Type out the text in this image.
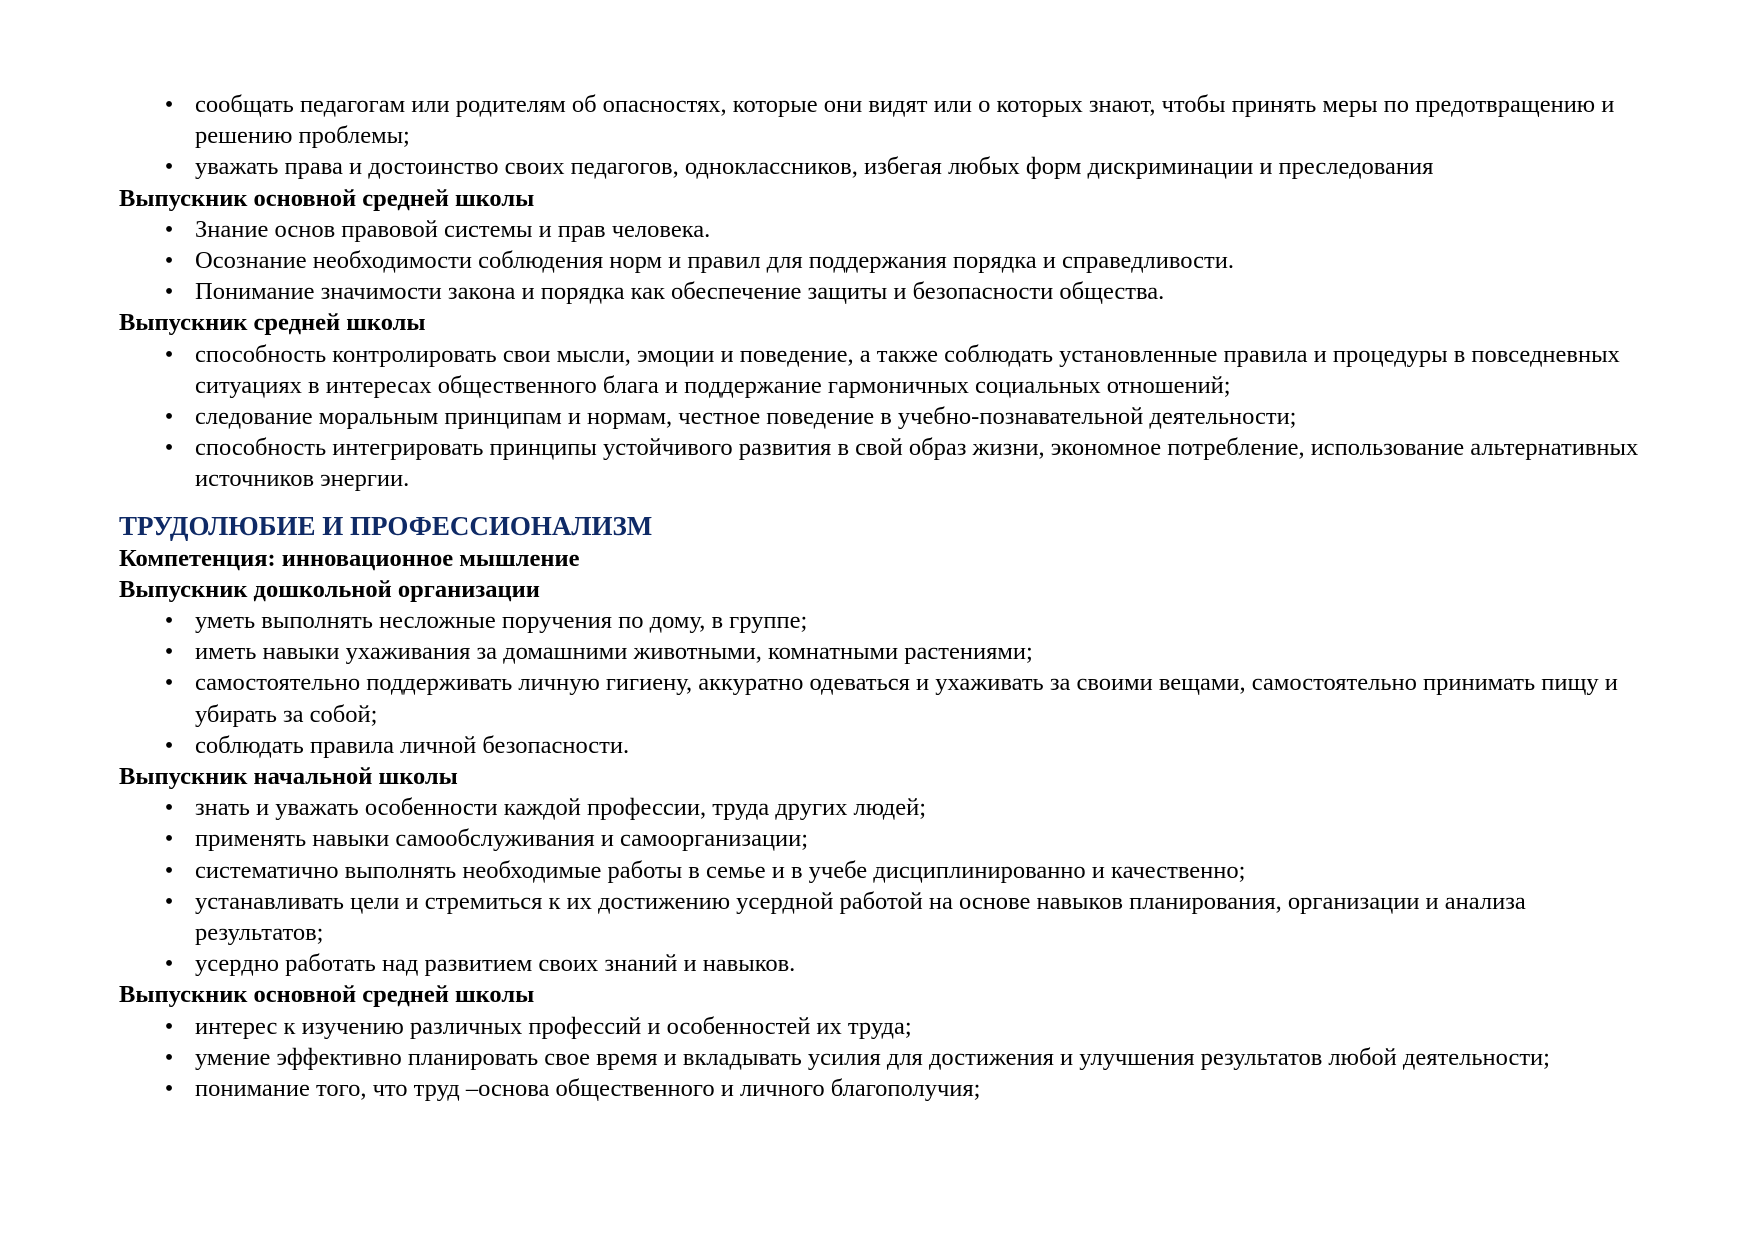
•
сообщать педагогам или родителям об опасностях, которые они видят или о которых знают, чтобы принять меры по предотвращению и решению проблемы;
•
уважать права и достоинство своих педагогов, одноклассников, избегая любых форм дискриминации и преследования

Выпускник основной средней школы

•
Знание основ правовой системы и прав человека.
•
Осознание необходимости соблюдения норм и правил для поддержания порядка и справедливости.
•
Понимание значимости закона и порядка как обеспечение защиты и безопасности общества.

Выпускник средней школы

•
способность контролировать свои мысли, эмоции и поведение, а также соблюдать установленные правила и процедуры в повседневных ситуациях в интересах общественного блага и поддержание гармоничных социальных отношений;
•
следование моральным принципам и нормам, честное поведение в учебно-познавательной деятельности;
•
способность интегрировать принципы устойчивого развития в свой образ жизни, экономное потребление, использование альтернативных источников энергии.
ТРУДОЛЮБИЕ И ПРОФЕССИОНАЛИЗМ

Компетенция: инновационное мышление

Выпускник дошкольной организации

•
уметь выполнять несложные поручения по дому, в группе;
•
иметь навыки ухаживания за домашними животными, комнатными растениями;
•
самостоятельно поддерживать личную гигиену, аккуратно одеваться и ухаживать за своими вещами, самостоятельно принимать пищу и убирать за собой;
•
соблюдать правила личной безопасности.

Выпускник начальной школы

•
знать и уважать особенности каждой профессии, труда других людей;
•
применять навыки самообслуживания и самоорганизации;
•
систематично выполнять необходимые работы в семье и в учебе дисциплинированно и качественно;
•
устанавливать цели и стремиться к их достижению усердной работой на основе навыков планирования, организации и анализа результатов;
•
усердно работать над развитием своих знаний и навыков.

Выпускник основной средней школы

•
интерес к изучению различных профессий и особенностей их труда;
•
умение эффективно планировать свое время и вкладывать усилия для достижения и улучшения результатов любой деятельности;
•
понимание того, что труд –основа общественного и личного благополучия;
